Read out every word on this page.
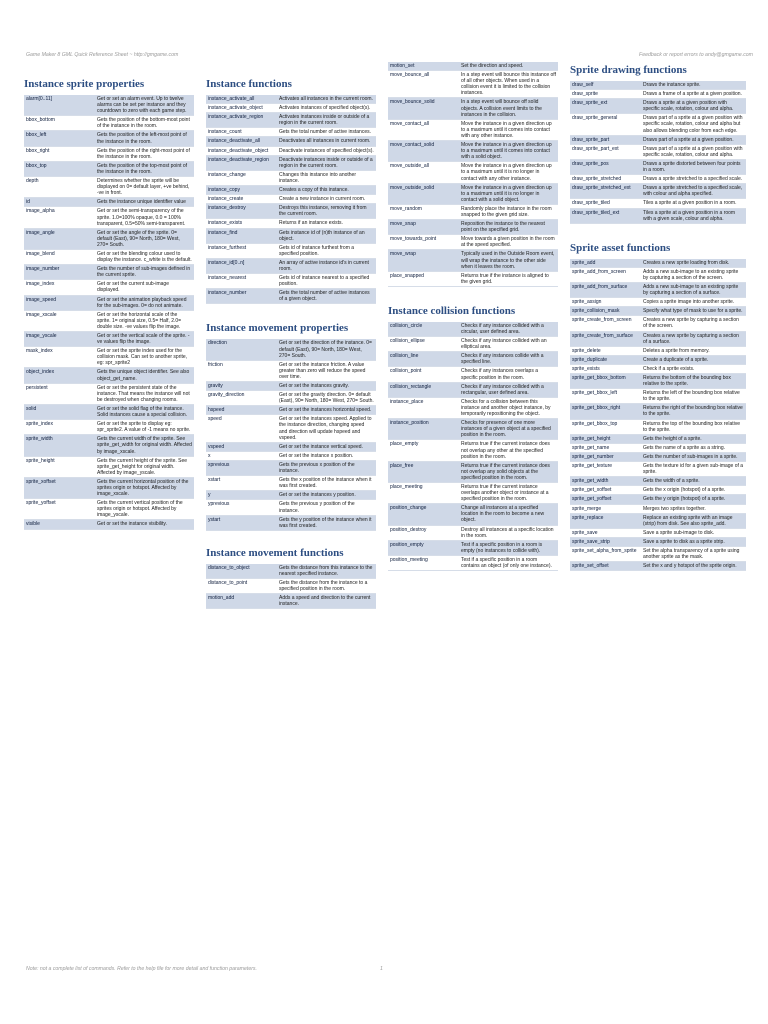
Game Maker 8 GML Quick Reference Sheet ~ http://gmgame.com	Feedback or report errors to andy@gmgame.com
Instance sprite properties
alarm[0..11]	Get or set an alarm event. Up to twelve alarms can be set per instance and they countdown to zero with each game step.
bbox_bottom	Gets the position of the bottom-most point of the instance in the room.
bbox_left	Gets the position of the left-most point of the instance in the room.
bbox_right	Gets the position of the right-most point of the instance in the room.
bbox_top	Gets the position of the top-most point of the instance in the room.
depth	Determines whether the sprite will be displayed on 0= default layer, +ve behind, -ve in front.
id	Gets the instance unique identifier value
image_alpha	Get or set the semi-transparency of the sprite. 1.0=100% opaque, 0.0 = 100% transparent, 0.5=50% semi-transparent.
image_angle	Get or set the angle of the sprite. 0= default (East), 90= North, 180= West, 270= South.
image_blend	Get or set the blending colour used to display the instance. c_white is the default.
image_number	Gets the number of sub-images defined in the current sprite.
image_index	Get or set the current sub-image displayed.
image_speed	Get or set the animation playback speed for the sub-images. 0= do not animate.
image_xscale	Get or set the horizontal scale of the sprite. 1= original size, 0.5= Half, 2.0= double size. -ve values flip the image.
image_yscale	Get or set the vertical scale of the sprite. -ve values flip the image.
mask_index	Get or set the sprite index used for the collision mask. Can set to another sprite, eg: spr_sprite2
object_index	Gets the unique object identifier. See also object_get_name.
persistent	Get or set the persistent state of the instance. That means the instance will not be destroyed when changing rooms.
solid	Get or set the solid flag of the instance. Solid instances cause a special collision.
sprite_index	Get or set the sprite to display eg: spr_sprite2. A value of -1 means no sprite.
sprite_width	Gets the current width of the sprite. See sprite_get_width for original width. Affected by image_xscale.
sprite_height	Gets the current height of the sprite. See sprite_get_height for original width. Affected by image_yscale.
sprite_xoffset	Gets the current horizontal position of the sprites origin or hotspot. Affected by image_xscale.
sprite_yoffset	Gets the current vertical position of the sprites origin or hotspot. Affected by image_yscale.
visible	Get or set the instance visibility.
Instance functions
instance_activate_all	Activates all instances in the current room.
instance_activate_object	Activates instances of specified object(s).
instance_activate_region	Activates instances inside or outside of a region in the current room.
instance_count	Gets the total number of active instances.
instance_deactivate_all	Deactivates all instances in current room.
instance_deactivate_object	Deactivate instances of specified object(s).
instance_deactivate_region	Deactivate instances inside or outside of a region in the current room.
instance_change	Changes this instance into another instance.
instance_copy	Creates a copy of this instance.
instance_create	Create a new instance in current room.
instance_destroy	Destroys this instance, removing it from the current room.
instance_exists	Returns if an instance exists.
instance_find	Gets instance id of (n)th instance of an object.
instance_furthest	Gets id of instance furthest from a specified position.
instance_id[0..n]	An array of active instance id's in current room.
instance_nearest	Gets id of instance nearest to a specified position.
instance_number	Gets the total number of active instances of a given object.
Instance movement properties
direction	Get or set the direction of the instance. 0= default (East), 90= North, 180= West, 270= South.
friction	Get or set the instance friction. A value greater than zero will reduce the speed over time.
gravity	Get or set the instances gravity.
gravity_direction	Get or set the gravity direction. 0= default (East), 90= North, 180= West, 270= South.
hspeed	Get or set the instances horizontal speed.
speed	Get or set the instances speed. Applied to the instance direction, changing speed and direction will update hspeed and vspeed.
vspeed	Get or set the instance vertical speed.
x	Get or set the instance x position.
xprevious	Gets the previous x position of the instance.
xstart	Gets the x position of the instance when it was first created.
y	Get or set the instances y position.
yprevious	Gets the previous y position of the instance.
ystart	Gets the y position of the instance when it was first created.
Instance movement functions
distance_to_object	Gets the distance from this instance to the nearest specified instance.
distance_to_point	Gets the distance from the instance to a specified position in the room.
motion_add	Adds a speed and direction to the current instance.
motion_set	Set the direction and speed.
move_bounce_all	In a step event will bounce this instance off of all other objects. When used in a collision event it is limited to the collision instances.
move_bounce_solid	In a step event will bounce off solid objects. A collision event limits to the instances in the collision.
move_contact_all	Move the instance in a given direction up to a maximum until it comes into contact with any other instance.
move_contact_solid	Move the instance in a given direction up to a maximum until it comes into contact with a solid object.
move_outside_all	Move the instance in a given direction up to a maximum until it is no longer in contact with any other instance.
move_outside_solid	Move the instance in a given direction up to a maximum until it is no longer in contact with a solid object.
move_random	Randomly place the instance in the room snapped to the given grid size.
move_snap	Reposition the instance to the nearest point on the specified grid.
move_towards_point	Move towards a given position in the room at the speed specified.
move_wrap	Typically used in the Outside Room event, will wrap the instance to the other side when it leaves the room.
place_snapped	Returns true if the instance is aligned to the given grid.
Instance collision functions
collision_circle	Checks if any instance collided with a circular, user defined area.
collision_ellipse	Checks if any instance collided with an elliptical area.
collision_line	Checks if any instances collide with a specified line.
collision_point	Checks if any instances overlaps a specific position in the room.
collision_rectangle	Checks if any instance collided with a rectangular, user defined area.
instance_place	Checks for a collision between this instance and another object instance, by temporarily repositioning the object.
instance_position	Checks for presence of one more instances of a given object at a specified position in the room.
place_empty	Returns true if the current instance does not overlap any other at the specified position in the room.
place_free	Returns true if the current instance does not overlap any solid objects at the specified position in the room.
place_meeting	Returns true if the current instance overlaps another object or instance at a specified position in the room.
position_change	Change all instances at a specified location in the room to become a new object.
position_destroy	Destroy all instances at a specific location in the room.
position_empty	Test if a specific position in a room is empty (no instances to collide with).
position_meeting	Test if a specific position in a room contains an object (of only one instance).
Sprite drawing functions
draw_self	Draws the instance sprite.
draw_sprite	Draws a frame of a sprite at a given position.
draw_sprite_ext	Draws a sprite at a given position with specific scale, rotation, colour and alpha.
draw_sprite_general	Draws part of a sprite at a given position with specific scale, rotation, colour and alpha but also allows blending color from each edge.
draw_sprite_part	Draws part of a sprite at a given position.
draw_sprite_part_ext	Draws part of a sprite at a given position with specific scale, rotation, colour and alpha.
draw_sprite_pos	Draws a sprite distorted between four points in a room.
draw_sprite_stretched	Draws a sprite stretched to a specified scale.
draw_sprite_stretched_ext	Draws a sprite stretched to a specified scale, with colour and alpha specified.
draw_sprite_tiled	Tiles a sprite at a given position in a room.
draw_sprite_tiled_ext	Tiles a sprite at a given position in a room with a given scale, colour and alpha.
Sprite asset functions
sprite_add	Creates a new sprite loading from disk.
sprite_add_from_screen	Adds a new sub-image to an existing sprite by capturing a section of the screen.
sprite_add_from_surface	Adds a new sub-image to an existing sprite by capturing a section of a surface.
sprite_assign	Copies a sprite image into another sprite.
sprite_collision_mask	Specify what type of mask to use for a sprite.
sprite_create_from_screen	Creates a new sprite by capturing a section of the screen.
sprite_create_from_surface	Creates a new sprite by capturing a section of a surface.
sprite_delete	Deletes a sprite from memory.
sprite_duplicate	Create a duplicate of a sprite.
sprite_exists	Check if a sprite exists.
sprite_get_bbox_bottom	Returns the bottom of the bounding box relative to the sprite.
sprite_get_bbox_left	Returns the left of the bounding box relative to the sprite.
sprite_get_bbox_right	Returns the right of the bounding box relative to the sprite.
sprite_get_bbox_top	Returns the top of the bounding box relative to the sprite.
sprite_get_height	Gets the height of a sprite.
sprite_get_name	Gets the name of a sprite as a string.
sprite_get_number	Gets the number of sub-images in a sprite.
sprite_get_texture	Gets the texture id for a given sub-image of a sprite.
sprite_get_width	Gets the width of a sprite.
sprite_get_xoffset	Gets the x origin (hotspot) of a sprite.
sprite_get_yoffset	Gets the y origin (hotspot) of a sprite.
sprite_merge	Merges two sprites together.
sprite_replace	Replace an existing sprite with an image (strip) from disk. See also sprite_add.
sprite_save	Save a sprite sub-image to disk.
sprite_save_strip	Save a sprite to disk as a sprite strip.
sprite_set_alpha_from_sprite	Set the alpha transparency of a sprite using another sprite as the mask.
sprite_set_offset	Set the x and y hotspot of the sprite origin.
Note: not a complete list of commands. Refer to the help file for more detail and function parameters.	1
